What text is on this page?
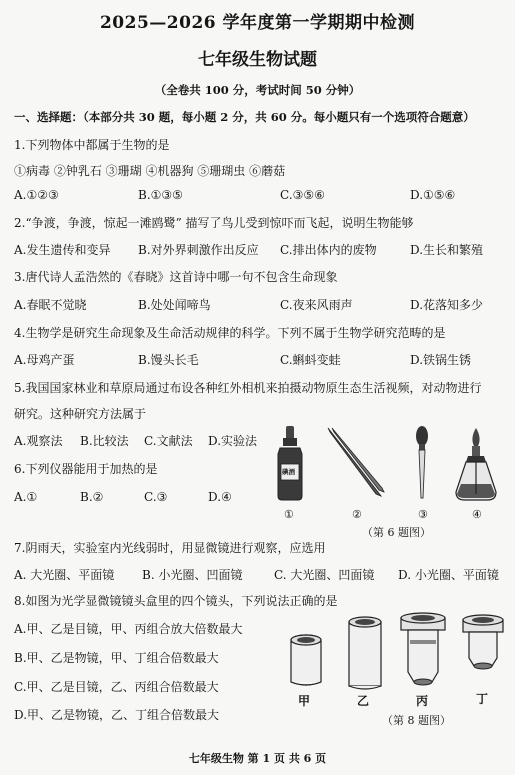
2025—2026 学年度第一学期期中检测
七年级生物试题
（全卷共 100 分，考试时间 50 分钟）
一、选择题：（本部分共 30 题，每小题 2 分，共 60 分。每小题只有一个选项符合题意）
1.下列物体中都属于生物的是
①病毒 ②钟乳石 ③珊瑚 ④机器狗 ⑤珊瑚虫 ⑥蘑菇
A.①②③	B.①③⑤	C.③⑤⑥	D.①⑤⑥
2.“争渡，争渡，惊起一滩鸥鹭” 描写了鸟儿受到惊吓而飞起，说明生物能够
A.发生遗传和变异 B.对外界刺激作出反应 C.排出体内的废物	D.生长和繁殖
3.唐代诗人孟浩然的《春晓》这首诗中哪一句不包含生命现象
A.春眠不觉晓	B.处处闻啼鸟	C.夜来风雨声	D.花落知多少
4.生物学是研究生命现象及生命活动规律的科学。下列不属于生物学研究范畴的是
A.母鸡产蛋	B.馒头长毛	C.蝌蚪变蛙	D.铁锅生锈
5.我国国家林业和草原局通过布设各种红外相机来拍摄动物原生态生活视频，对动物进行
研究。这种研究方法属于
A.观察法 B.比较法 C.文献法 D.实验法
6.下列仪器能用于加热的是
A.①	B.②	C.③	D.④
碘酒
①	②	③	④
（第 6 题图）
7.阴雨天，实验室内光线弱时，用显微镜进行观察，应选用
A. 大光圈、平面镜 B. 小光圈、凹面镜	C. 大光圈、凹面镜 D. 小光圈、平面镜
8.如图为光学显微镜镜头盒里的四个镜头，下列说法正确的是
A.甲、乙是目镜，甲、丙组合放大倍数最大
B.甲、乙是物镜，甲、丁组合倍数最大
C.甲、乙是目镜，乙、丙组合倍数最大
D.甲、乙是物镜，乙、丁组合倍数最大
甲	乙	丙	丁
（第 8 题图）
七年级生物 第 1 页 共 6 页
